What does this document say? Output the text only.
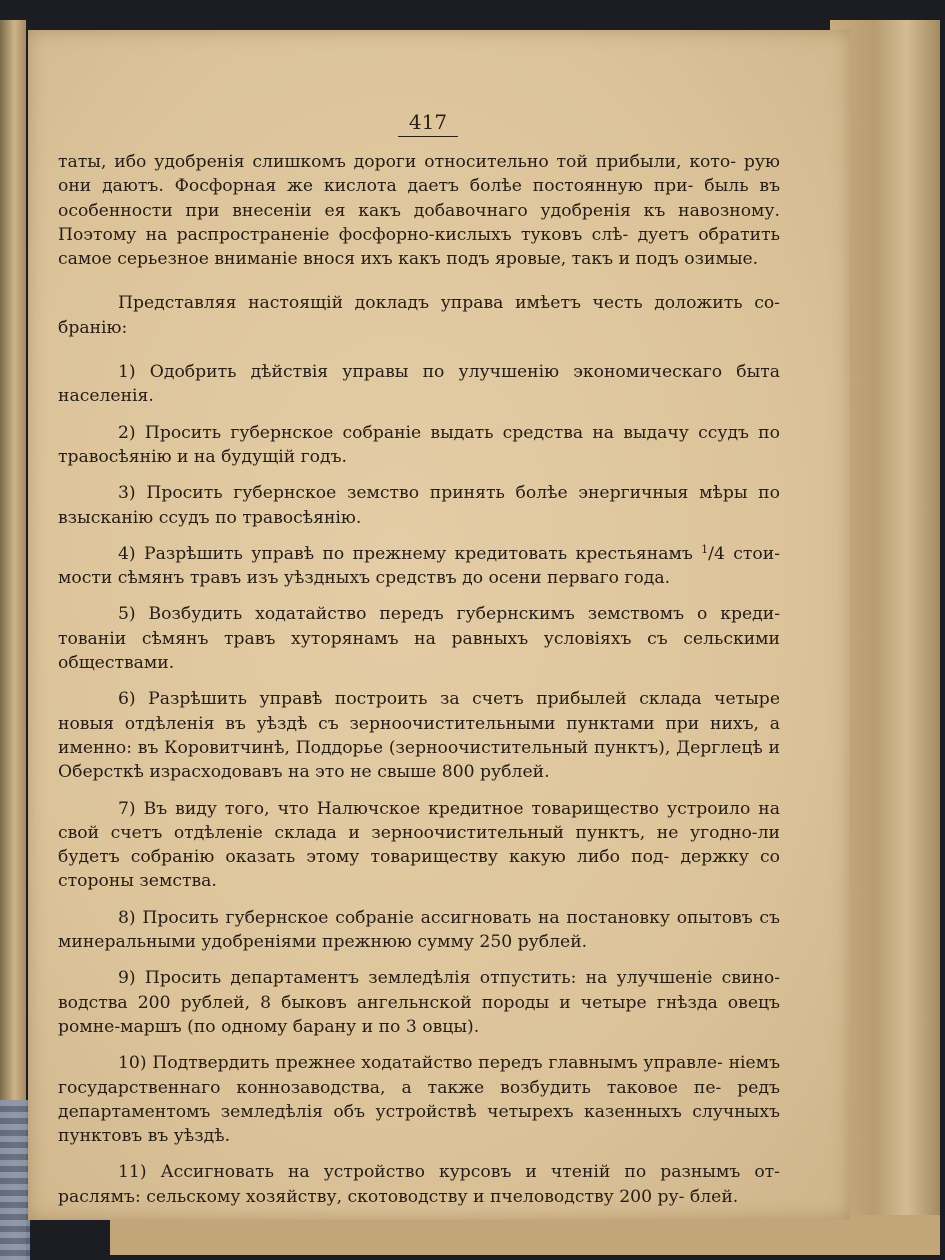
417

таты, ибо удобренія слишкомъ дороги относительно той прибыли, кото- рую они даютъ. Фосфорная же кислота даетъ болѣе постоянную при- быль въ особенности при внесеніи ея какъ добавочнаго удобренія къ навозному. Поэтому на распространеніе фосфорно-кислыхъ туковъ слѣ- дуетъ обратить самое серьезное вниманіе внося ихъ какъ подъ яровые, такъ и подъ озимые.

Представляя настоящій докладъ управа имѣетъ честь доложить со- бранію:

1) Одобрить дѣйствія управы по улучшенію экономическаго быта населенія.

2) Просить губернское собраніе выдать средства на выдачу ссудъ по травосѣянію и на будущій годъ.

3) Просить губернское земство принять болѣе энергичныя мѣры по взысканію ссудъ по травосѣянію.

4) Разрѣшить управѣ по прежнему кредитовать крестьянамъ $^1$/4 стои- мости сѣмянъ травъ изъ уѣздныхъ средствъ до осени перваго года.

5) Возбудить ходатайство передъ губернскимъ земствомъ о креди- тованіи сѣмянъ травъ хуторянамъ на равныхъ условіяхъ съ сельскими обществами.

6) Разрѣшить управѣ построить за счетъ прибылей склада четыре новыя отдѣленія въ уѣздѣ съ зерноочистительными пунктами при нихъ, а именно: въ Коровитчинѣ, Поддорье (зерноочистительный пунктъ), Дерглецѣ и Оберсткѣ израсходовавъ на это не свыше 800 рублей.

7) Въ виду того, что Налючское кредитное товарищество устроило на свой счетъ отдѣленіе склада и зерноочистительный пунктъ, не угодно-ли будетъ собранію оказать этому товариществу какую либо под- держку со стороны земства.

8) Просить губернское собраніе ассигновать на постановку опытовъ съ минеральными удобреніями прежнюю сумму 250 рублей.

9) Просить департаментъ земледѣлія отпустить: на улучшеніе свино- водства 200 рублей, 8 быковъ ангельнской породы и четыре гнѣзда овецъ ромне-маршъ (по одному барану и по 3 овцы).

10) Подтвердить прежнее ходатайство передъ главнымъ управле- ніемъ государственнаго коннозаводства, а также возбудить таковое пе- редъ департаментомъ земледѣлія объ устройствѣ четырехъ казенныхъ случныхъ пунктовъ въ уѣздѣ.

11) Ассигновать на устройство курсовъ и чтеній по разнымъ от- раслямъ: сельскому хозяйству, скотоводству и пчеловодству 200 ру- блей.
